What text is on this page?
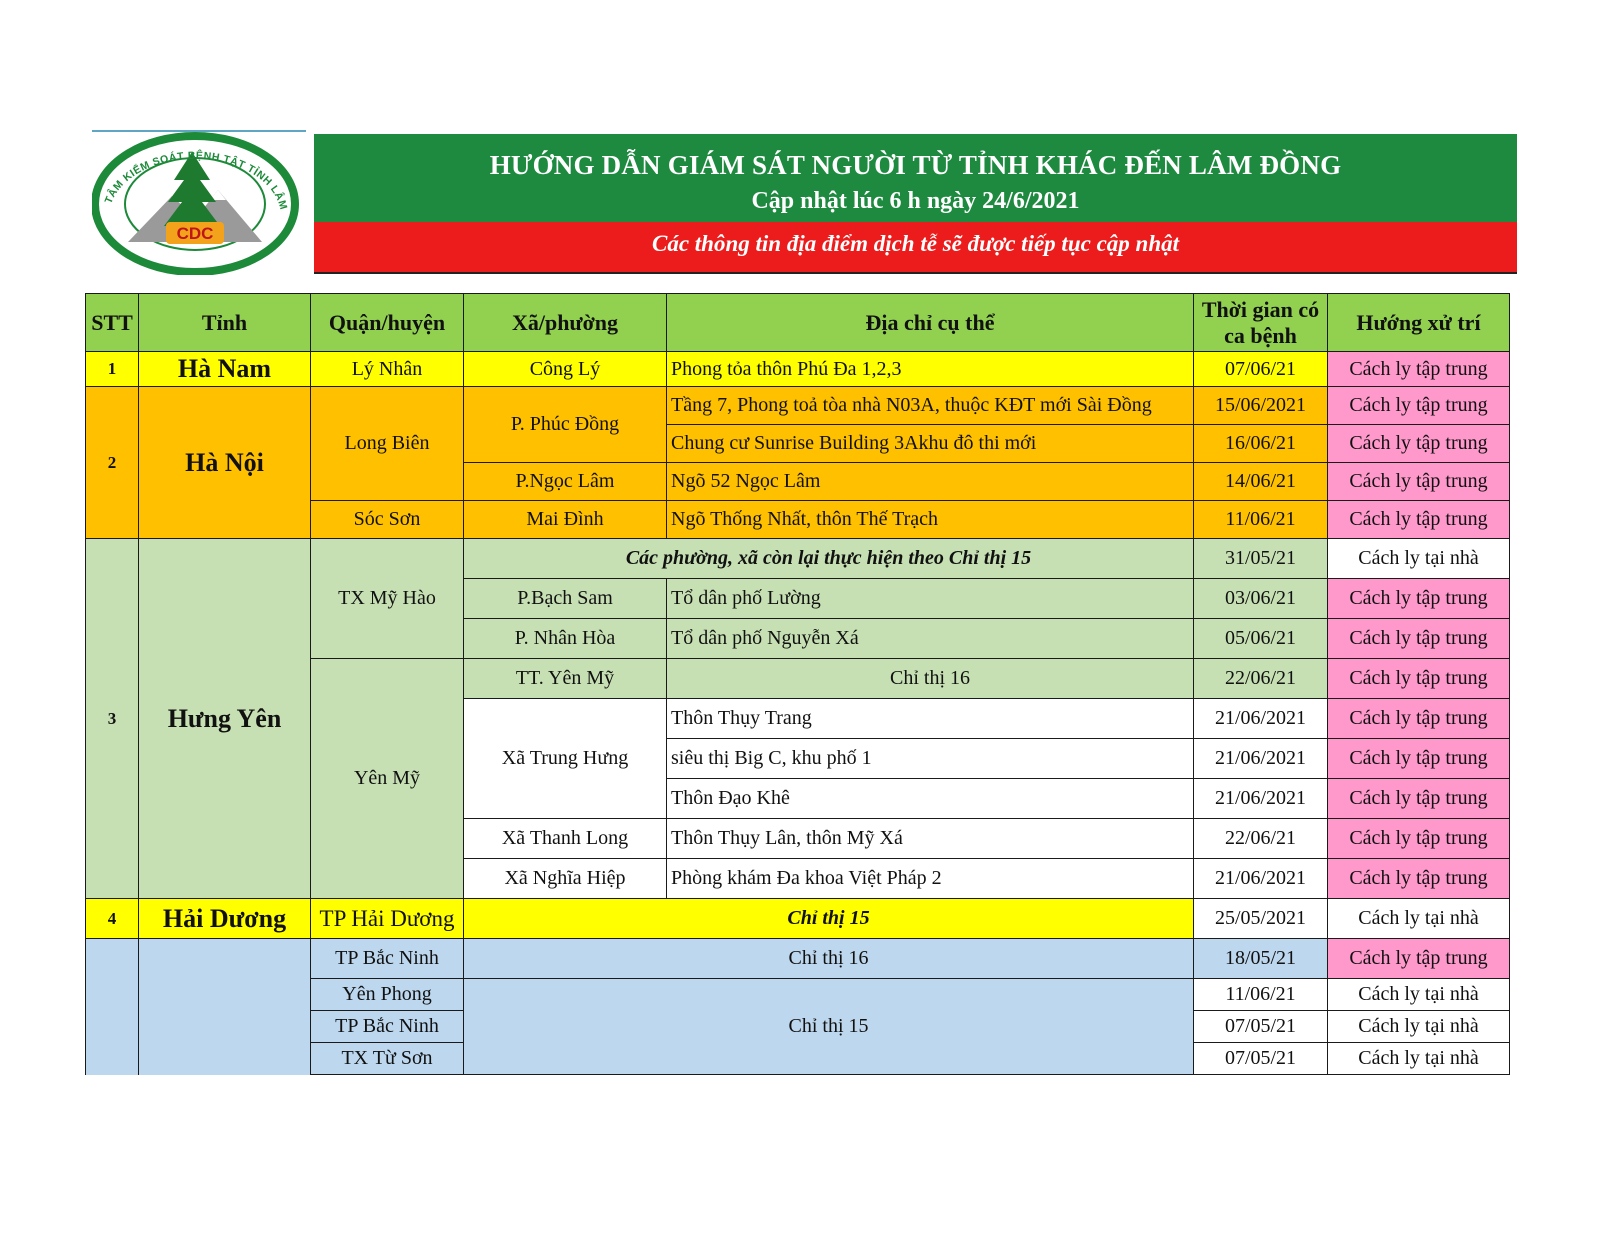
CDC
TÂM KIỂM SOÁT BỆNH TẬT TỈNH LÂM
HƯỚNG DẪN GIÁM SÁT NGƯỜI TỪ TỈNH KHÁC ĐẾN LÂM ĐỒNG
Cập nhật lúc 6 h ngày 24/6/2021
Các thông tin địa điểm dịch tễ sẽ được tiếp tục cập nhật
STT	Tỉnh	Quận/huyện	Xã/phường	Địa chỉ cụ thể	Thời gian có ca bệnh	Hướng xử trí
1	Hà Nam	Lý Nhân	Công Lý	Phong tỏa thôn Phú Đa 1,2,3	07/06/21	Cách ly tập trung
2	Hà Nội	Long Biên	P. Phúc Đồng	Tầng 7, Phong toả tòa nhà N03A, thuộc KĐT mới Sài Đồng	15/06/2021	Cách ly tập trung
				Chung cư Sunrise Building 3Akhu đô thi mới	16/06/21	Cách ly tập trung
			P.Ngọc Lâm	Ngõ 52 Ngọc Lâm	14/06/21	Cách ly tập trung
		Sóc Sơn	Mai Đình	Ngõ Thống Nhất, thôn Thế Trạch	11/06/21	Cách ly tập trung
3	Hưng Yên	TX Mỹ Hào	Các phường, xã còn lại thực hiện theo Chỉ thị 15		31/05/21	Cách ly tại nhà
			P.Bạch Sam	Tổ dân phố Lường	03/06/21	Cách ly tập trung
			P. Nhân Hòa	Tổ dân phố Nguyễn Xá	05/06/21	Cách ly tập trung
		Yên Mỹ	TT. Yên Mỹ	Chỉ thị 16	22/06/21	Cách ly tập trung
			Xã Trung Hưng	Thôn Thụy Trang	21/06/2021	Cách ly tập trung
				siêu thị Big C, khu phố 1	21/06/2021	Cách ly tập trung
				Thôn Đạo Khê	21/06/2021	Cách ly tập trung
			Xã Thanh Long	Thôn Thụy Lân, thôn Mỹ Xá	22/06/21	Cách ly tập trung
			Xã Nghĩa Hiệp	Phòng khám Đa khoa Việt Pháp 2	21/06/2021	Cách ly tập trung
4	Hải Dương	TP Hải Dương	Chỉ thị 15		25/05/2021	Cách ly tại nhà
		TP Bắc Ninh	Chỉ thị 16		18/05/21	Cách ly tập trung
		Yên Phong	Chỉ thị 15		11/06/21	Cách ly tại nhà
		TP Bắc Ninh			07/05/21	Cách ly tại nhà
		TX Từ Sơn			07/05/21	Cách ly tại nhà
